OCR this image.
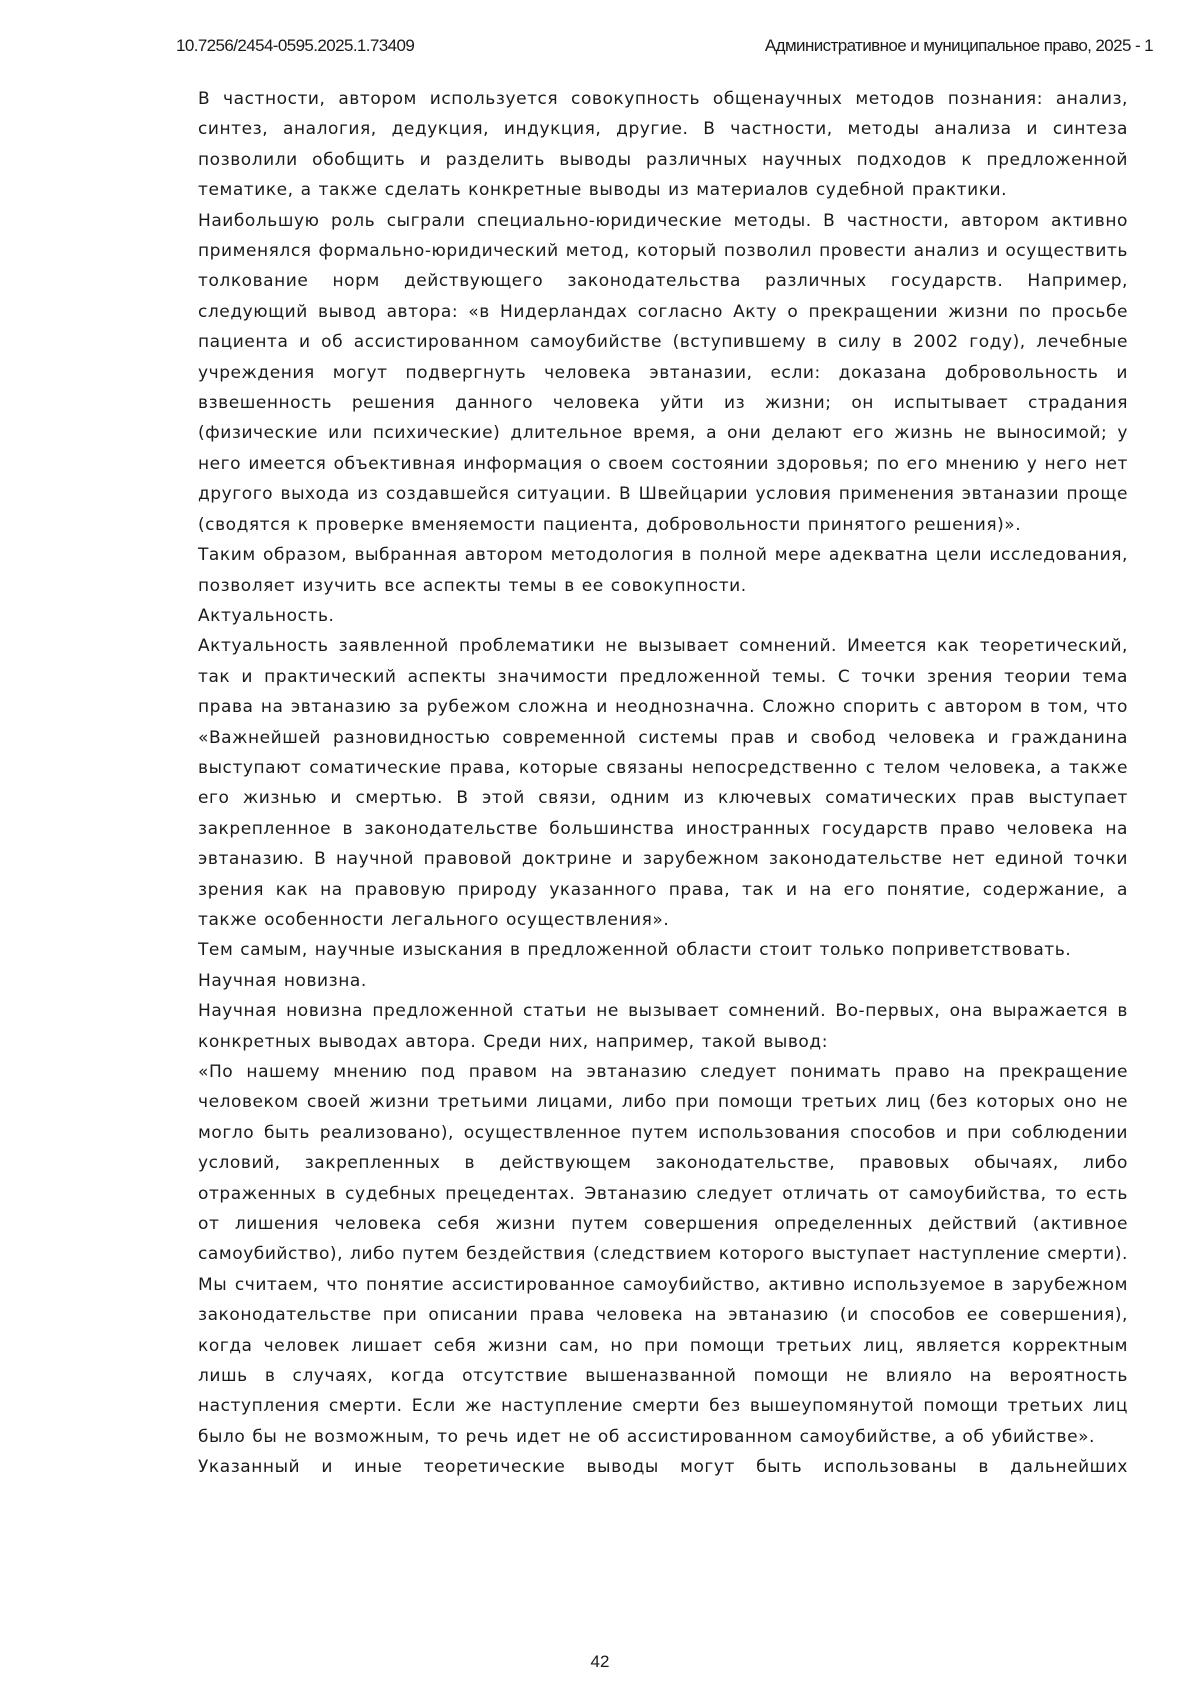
10.7256/2454-0595.2025.1.73409	Административное и муниципальное право, 2025 - 1

В частности, автором используется совокупность общенаучных методов познания: анализ, синтез, аналогия, дедукция, индукция, другие. В частности, методы анализа и синтеза позволили обобщить и разделить выводы различных научных подходов к предложенной тематике, а также сделать конкретные выводы из материалов судебной практики.

Наибольшую роль сыграли специально-юридические методы. В частности, автором активно применялся формально-юридический метод, который позволил провести анализ и осуществить толкование норм действующего законодательства различных государств. Например, следующий вывод автора: «в Нидерландах согласно Акту о прекращении жизни по просьбе пациента и об ассистированном самоубийстве (вступившему в силу в 2002 году), лечебные учреждения могут подвергнуть человека эвтаназии, если: доказана добровольность и взвешенность решения данного человека уйти из жизни; он испытывает страдания (физические или психические) длительное время, а они делают его жизнь не выносимой; у него имеется объективная информация о своем состоянии здоровья; по его мнению у него нет другого выхода из создавшейся ситуации. В Швейцарии условия применения эвтаназии проще (сводятся к проверке вменяемости пациента, добровольности принятого решения)».

Таким образом, выбранная автором методология в полной мере адекватна цели исследования, позволяет изучить все аспекты темы в ее совокупности.

Актуальность.

Актуальность заявленной проблематики не вызывает сомнений. Имеется как теоретический, так и практический аспекты значимости предложенной темы. С точки зрения теории тема права на эвтаназию за рубежом сложна и неоднозначна. Сложно спорить с автором в том, что «Важнейшей разновидностью современной системы прав и свобод человека и гражданина выступают соматические права, которые связаны непосредственно с телом человека, а также его жизнью и смертью. В этой связи, одним из ключевых соматических прав выступает закрепленное в законодательстве большинства иностранных государств право человека на эвтаназию. В научной правовой доктрине и зарубежном законодательстве нет единой точки зрения как на правовую природу указанного права, так и на его понятие, содержание, а также особенности легального осуществления».

Тем самым, научные изыскания в предложенной области стоит только поприветствовать.

Научная новизна.

Научная новизна предложенной статьи не вызывает сомнений. Во-первых, она выражается в конкретных выводах автора. Среди них, например, такой вывод:

«По нашему мнению под правом на эвтаназию следует понимать право на прекращение человеком своей жизни третьими лицами, либо при помощи третьих лиц (без которых оно не могло быть реализовано), осуществленное путем использования способов и при соблюдении условий, закрепленных в действующем законодательстве, правовых обычаях, либо отраженных в судебных прецедентах. Эвтаназию следует отличать от самоубийства, то есть от лишения человека себя жизни путем совершения определенных действий (активное самоубийство), либо путем бездействия (следствием которого выступает наступление смерти). Мы считаем, что понятие ассистированное самоубийство, активно используемое в зарубежном законодательстве при описании права человека на эвтаназию (и способов ее совершения), когда человек лишает себя жизни сам, но при помощи третьих лиц, является корректным лишь в случаях, когда отсутствие вышеназванной помощи не влияло на вероятность наступления смерти. Если же наступление смерти без вышеупомянутой помощи третьих лиц было бы не возможным, то речь идет не об ассистированном самоубийстве, а об убийстве».

Указанный и иные теоретические выводы могут быть использованы в дальнейших

42
